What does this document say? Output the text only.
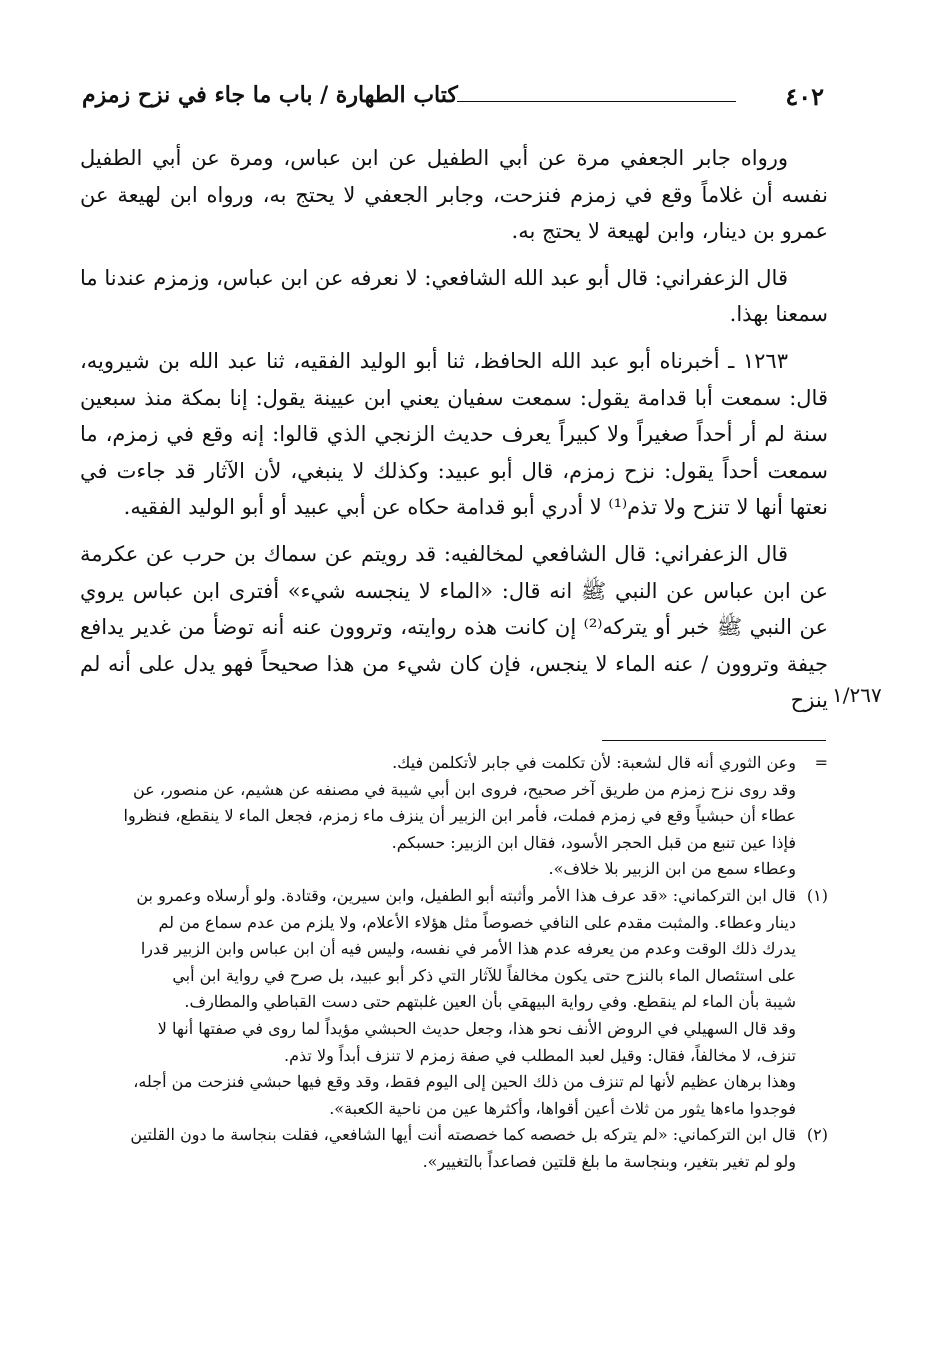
٤٠٢
كتاب الطهارة / باب ما جاء في نزح زمزم

ورواه جابر الجعفي مرة عن أبي الطفيل عن ابن عباس، ومرة عن أبي الطفيل نفسه أن غلاماً وقع في زمزم فنزحت، وجابر الجعفي لا يحتج به، ورواه ابن لهيعة عن عمرو بن دينار، وابن لهيعة لا يحتج به.

قال الزعفراني: قال أبو عبد الله الشافعي: لا نعرفه عن ابن عباس، وزمزم عندنا ما سمعنا بهذا.

١٢٦٣ ـ أخبرناه أبو عبد الله الحافظ، ثنا أبو الوليد الفقيه، ثنا عبد الله بن شيرويه، قال: سمعت أبا قدامة يقول: سمعت سفيان يعني ابن عيينة يقول: إنا بمكة منذ سبعين سنة لم أر أحداً صغيراً ولا كبيراً يعرف حديث الزنجي الذي قالوا: إنه وقع في زمزم، ما سمعت أحداً يقول: نزح زمزم، قال أبو عبيد: وكذلك لا ينبغي، لأن الآثار قد جاءت في نعتها أنها لا تنزح ولا تذم⁽¹⁾ لا أدري أبو قدامة حكاه عن أبي عبيد أو أبو الوليد الفقيه.

قال الزعفراني: قال الشافعي لمخالفيه: قد رويتم عن سماك بن حرب عن عكرمة عن ابن عباس عن النبي ﷺ انه قال: «الماء لا ينجسه شيء» أفترى ابن عباس يروي عن النبي ﷺ خبر أو يتركه⁽²⁾ إن كانت هذه روايته، وتروون عنه أنه توضأ من غدير يدافع جيفة وتروون / عنه الماء لا ينجس، فإن كان شيء من هذا صحيحاً فهو يدل على أنه لم ينزح ١/٢٦٧
=
وعن الثوري أنه قال لشعبة: لأن تكلمت في جابر لأتكلمن فيك.
وقد روى نزح زمزم من طريق آخر صحيح، فروى ابن أبي شيبة في مصنفه عن هشيم، عن منصور، عن
عطاء أن حبشياً وقع في زمزم فملت، فأمر ابن الزبير أن ينزف ماء زمزم، فجعل الماء لا ينقطع، فنظروا
فإذا عين تنبع من قبل الحجر الأسود، فقال ابن الزبير: حسبكم.
وعطاء سمع من ابن الزبير بلا خلاف».
(١)
قال ابن التركماني: «قد عرف هذا الأمر وأثبته أبو الطفيل، وابن سيرين، وقتادة. ولو أرسلاه وعمرو بن
دينار وعطاء. والمثبت مقدم على النافي خصوصاً مثل هؤلاء الأعلام، ولا يلزم من عدم سماع من لم
يدرك ذلك الوقت وعدم من يعرفه عدم هذا الأمر في نفسه، وليس فيه أن ابن عباس وابن الزبير قدرا
على استئصال الماء بالنزح حتى يكون مخالفاً للآثار التي ذكر أبو عبيد، بل صرح في رواية ابن أبي
شيبة بأن الماء لم ينقطع. وفي رواية البيهقي بأن العين غلبتهم حتى دست القباطي والمطارف.
وقد قال السهيلي في الروض الأنف نحو هذا، وجعل حديث الحبشي مؤيداً لما روى في صفتها أنها لا
تنزف، لا مخالفاً، فقال: وقيل لعبد المطلب في صفة زمزم لا تنزف أبداً ولا تذم.
وهذا برهان عظيم لأنها لم تنزف من ذلك الحين إلى اليوم فقط، وقد وقع فيها حبشي فنزحت من أجله،
فوجدوا ماءها يثور من ثلاث أعين أقواها، وأكثرها عين من ناحية الكعبة».
(٢)
قال ابن التركماني: «لم يتركه بل خصصه كما خصصته أنت أيها الشافعي، فقلت بنجاسة ما دون القلتين
ولو لم تغير بتغير، وبنجاسة ما بلغ قلتين فصاعداً بالتغيير».
